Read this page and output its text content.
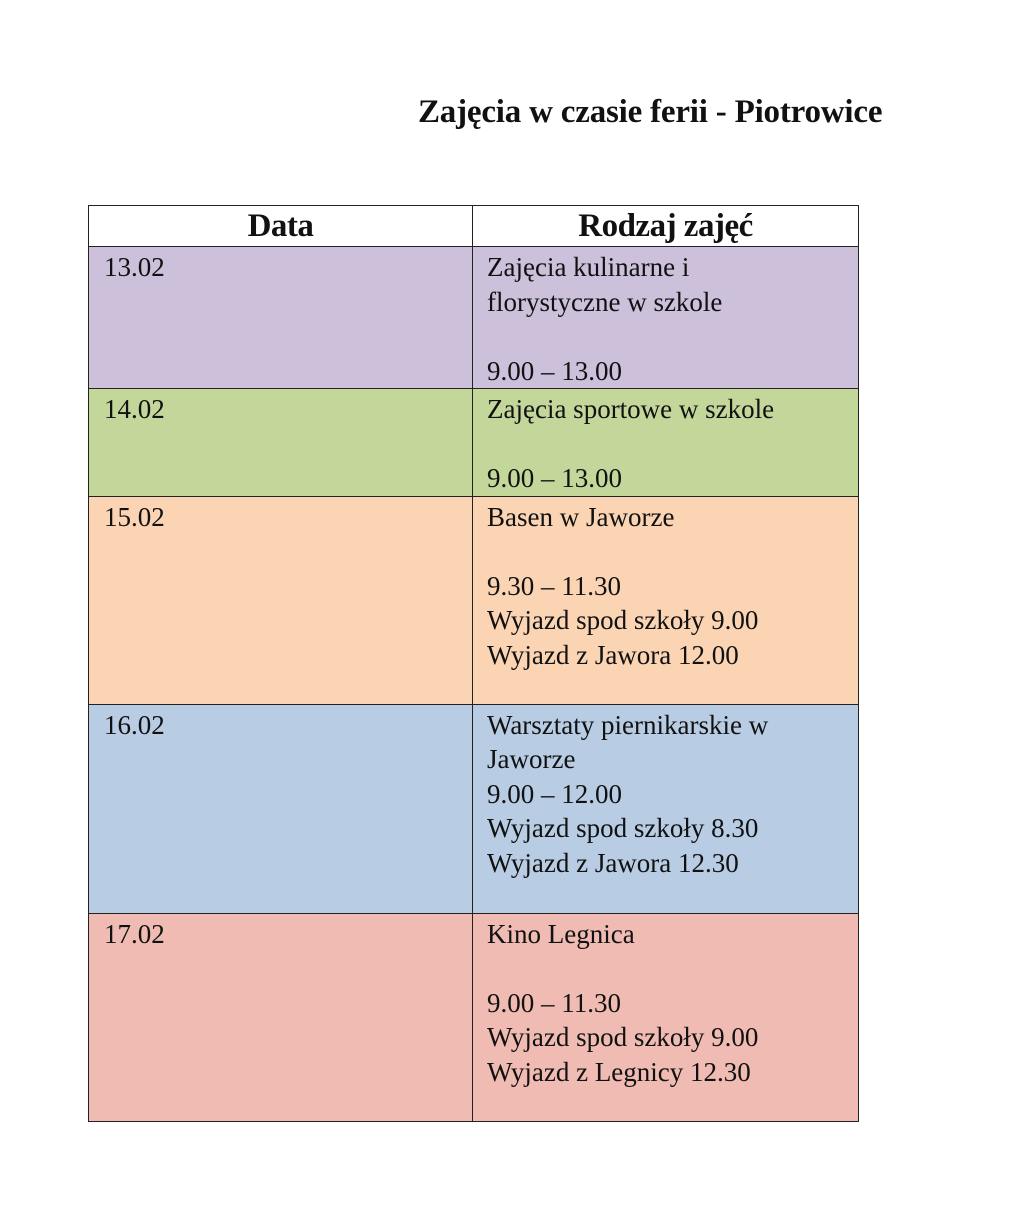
Zajęcia w czasie ferii - Piotrowice
Data	Rodzaj zajęć
13.02	Zajęcia kulinarne i
florystyczne w szkole
9.00 – 13.00

14.02	Zajęcia sportowe w szkole
9.00 – 13.00

15.02	Basen w Jaworze
9.30 – 11.30
Wyjazd spod szkoły 9.00
Wyjazd z Jawora 12.00

16.02	Warsztaty piernikarskie w
Jaworze
9.00 – 12.00
Wyjazd spod szkoły 8.30
Wyjazd z Jawora 12.30

17.02	Kino Legnica
9.00 – 11.30
Wyjazd spod szkoły 9.00
Wyjazd z Legnicy 12.30
